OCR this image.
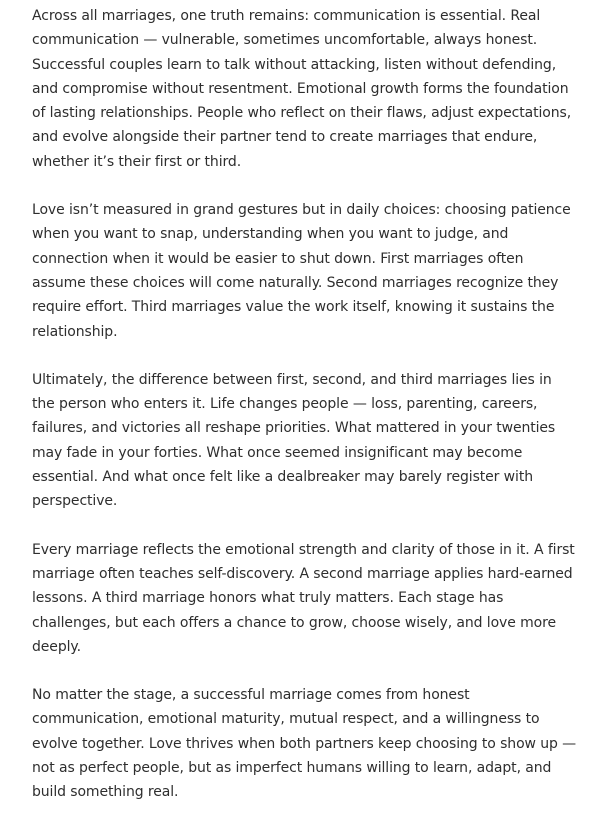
Across all marriages, one truth remains: communication is essential. Real communication — vulnerable, sometimes uncomfortable, always honest. Successful couples learn to talk without attacking, listen without defending, and compromise without resentment. Emotional growth forms the foundation of lasting relationships. People who reflect on their flaws, adjust expectations, and evolve alongside their partner tend to create marriages that endure, whether it’s their first or third.

Love isn’t measured in grand gestures but in daily choices: choosing patience when you want to snap, understanding when you want to judge, and connection when it would be easier to shut down. First marriages often assume these choices will come naturally. Second marriages recognize they require effort. Third marriages value the work itself, knowing it sustains the relationship.

Ultimately, the difference between first, second, and third marriages lies in the person who enters it. Life changes people — loss, parenting, careers, failures, and victories all reshape priorities. What mattered in your twenties may fade in your forties. What once seemed insignificant may become essential. And what once felt like a dealbreaker may barely register with perspective.

Every marriage reflects the emotional strength and clarity of those in it. A first marriage often teaches self-discovery. A second marriage applies hard-earned lessons. A third marriage honors what truly matters. Each stage has challenges, but each offers a chance to grow, choose wisely, and love more deeply.

No matter the stage, a successful marriage comes from honest communication, emotional maturity, mutual respect, and a willingness to evolve together. Love thrives when both partners keep choosing to show up — not as perfect people, but as imperfect humans willing to learn, adapt, and build something real.
